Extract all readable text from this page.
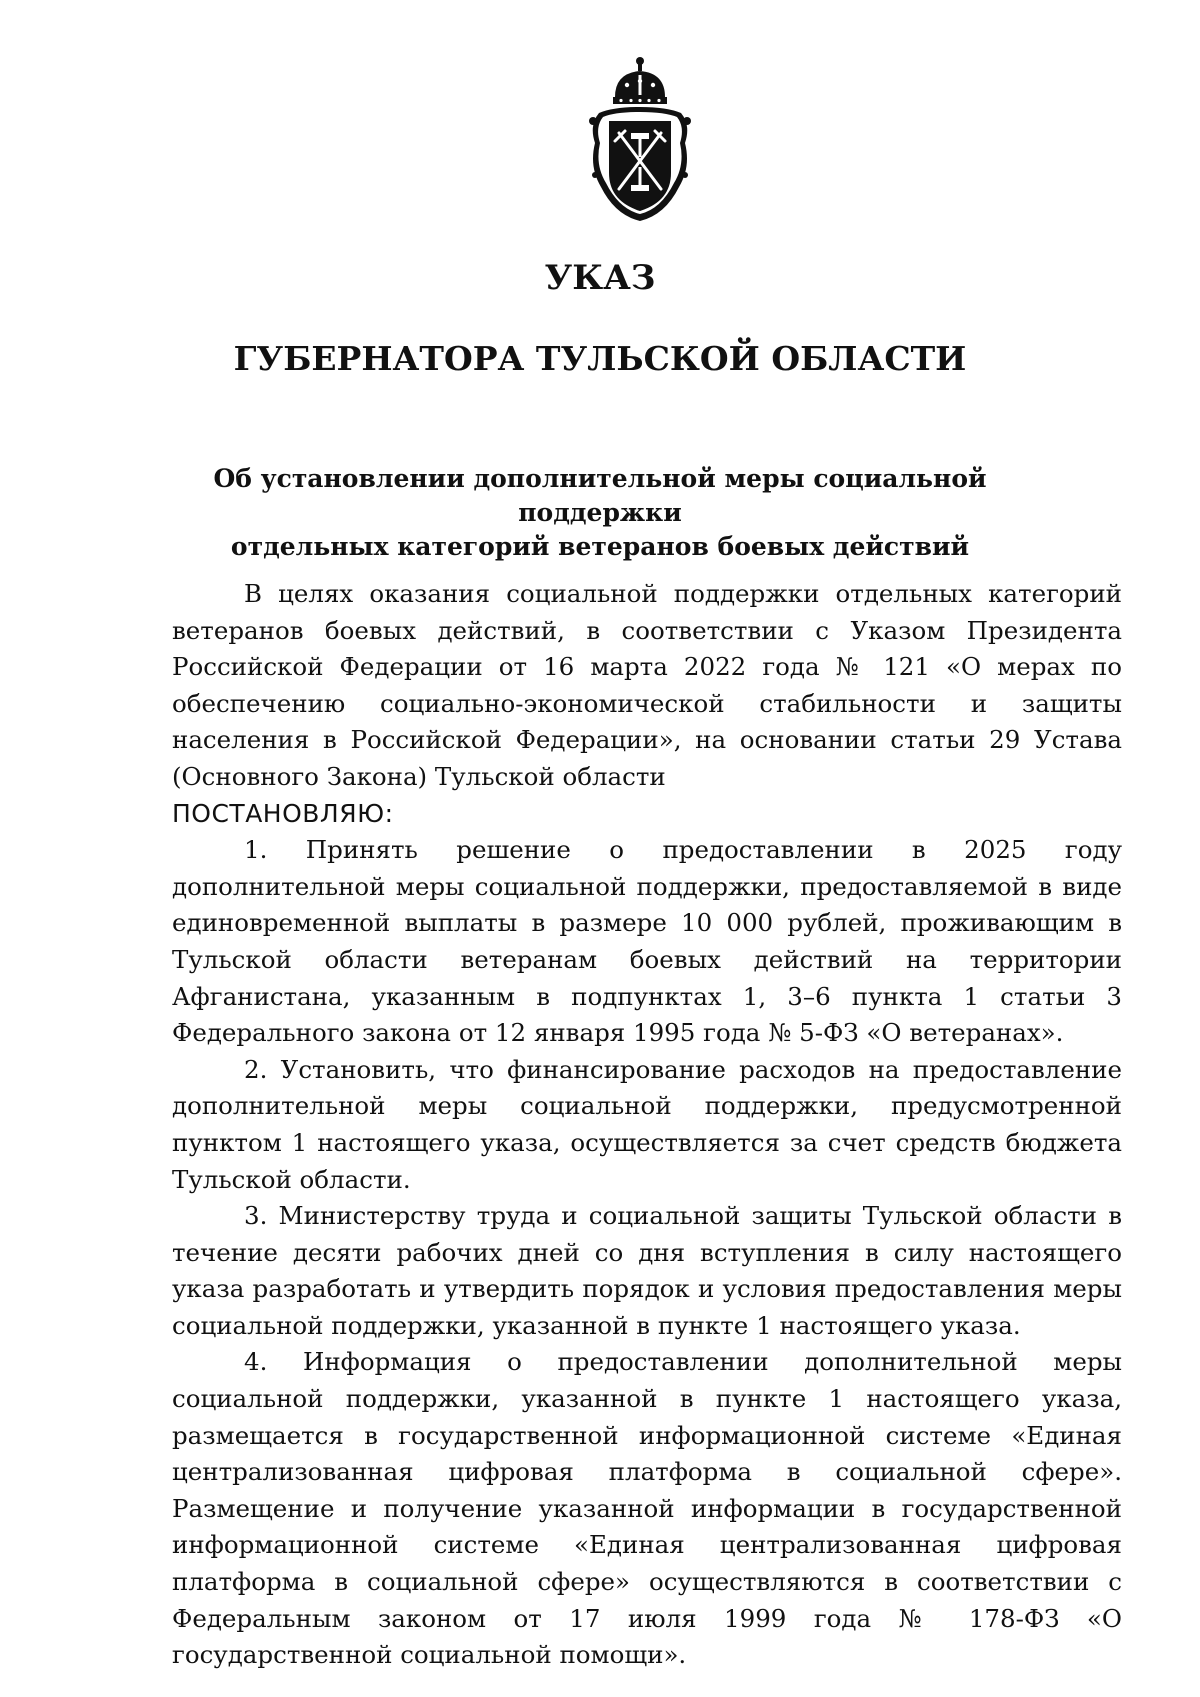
УКАЗ
ГУБЕРНАТОРА ТУЛЬСКОЙ ОБЛАСТИ
Об установлении дополнительной меры социальной поддержки
отдельных категорий ветеранов боевых действий

В целях оказания социальной поддержки отдельных категорий ветеранов боевых действий, в соответствии с Указом Президента Российской Федерации от 16 марта 2022 года № 121 «О мерах по обеспечению социально-экономической стабильности и защиты населения в Российской Федерации», на основании статьи 29 Устава (Основного Закона) Тульской области

ПОСТАНОВЛЯЮ:

1. Принять решение о предоставлении в 2025 году дополнительной меры социальной поддержки, предоставляемой в виде единовременной выплаты в размере 10 000 рублей, проживающим в Тульской области ветеранам боевых действий на территории Афганистана, указанным в подпунктах 1, 3–6 пункта 1 статьи 3 Федерального закона от 12 января 1995 года № 5-ФЗ «О ветеранах».

2. Установить, что финансирование расходов на предоставление дополнительной меры социальной поддержки, предусмотренной пунктом 1 настоящего указа, осуществляется за счет средств бюджета Тульской области.

3. Министерству труда и социальной защиты Тульской области в течение десяти рабочих дней со дня вступления в силу настоящего указа разработать и утвердить порядок и условия предоставления меры социальной поддержки, указанной в пункте 1 настоящего указа.

4. Информация о предоставлении дополнительной меры социальной поддержки, указанной в пункте 1 настоящего указа, размещается в государственной информационной системе «Единая централизованная цифровая платформа в социальной сфере». Размещение и получение указанной информации в государственной информационной системе «Единая централизованная цифровая платформа в социальной сфере» осуществляются в соответствии с Федеральным законом от 17 июля 1999 года № 178-ФЗ «О государственной социальной помощи».
